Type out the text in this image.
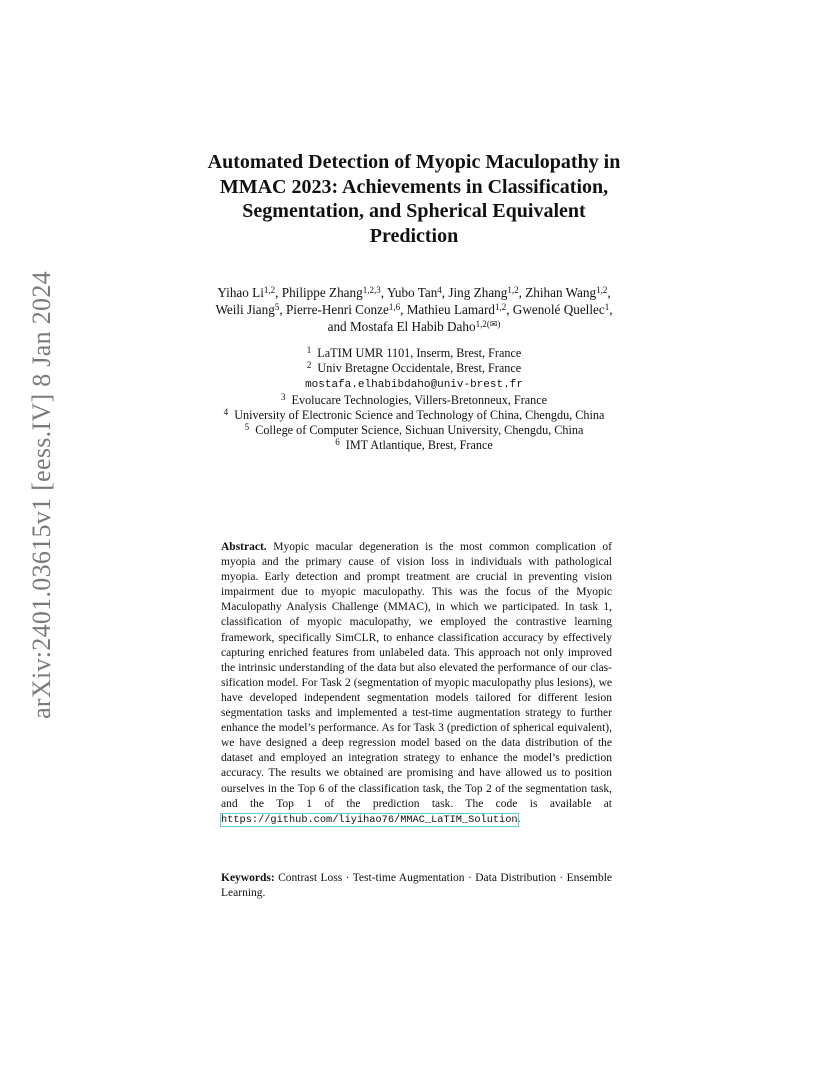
arXiv:2401.03615v1 [eess.IV] 8 Jan 2024
Automated Detection of Myopic Maculopathy in
MMAC 2023: Achievements in Classification,
Segmentation, and Spherical Equivalent
Prediction
Yihao Li$^{1,2}$, Philippe Zhang$^{1,2,3}$, Yubo Tan$^4$, Jing Zhang$^{1,2}$, Zhihan Wang$^{1,2}$,
Weili Jiang$^5$, Pierre-Henri Conze$^{1,6}$, Mathieu Lamard$^{1,2}$, Gwenolé Quellec$^1$,
and Mostafa El Habib Daho$^{1,2(✉)}$
$^1$ LaTIM UMR 1101, Inserm, Brest, France
$^2$ Univ Bretagne Occidentale, Brest, France
mostafa.elhabibdaho@univ-brest.fr
$^3$ Evolucare Technologies, Villers-Bretonneux, France
$^4$ University of Electronic Science and Technology of China, Chengdu, China
$^5$ College of Computer Science, Sichuan University, Chengdu, China
$^6$ IMT Atlantique, Brest, France
Abstract. Myopic macular degeneration is the most common complication of myopia and the primary cause of vision loss in individuals with pathological myopia. Early detection and prompt treatment are crucial in preventing vision impairment due to myopic maculopathy. This was the focus of the Myopic Maculopathy Analysis Challenge (MMAC), in which we participated. In task 1, classification of myopic maculopathy, we employed the contrastive learning framework, specifically SimCLR, to enhance classification accuracy by effectively capturing enriched features from unlabeled data. This approach not only improved the intrinsic understanding of the data but also elevated the performance of our classification model. For Task 2 (segmentation of myopic maculopathy plus lesions), we have developed independent segmentation models tailored for different lesion segmentation tasks and implemented a test-time augmentation strategy to further enhance the model’s performance. As for Task 3 (prediction of spherical equivalent), we have designed a deep regression model based on the data distribution of the dataset and employed an integration strategy to enhance the model’s prediction accuracy. The results we obtained are promising and have allowed us to position ourselves in the Top 6 of the classification task, the Top 2 of the segmentation task, and the Top 1 of the prediction task. The code is available at https://github.com/liyihao76/MMAC_LaTIM_Solution.
Keywords: Contrast Loss · Test-time Augmentation · Data Distribution · Ensemble Learning.
